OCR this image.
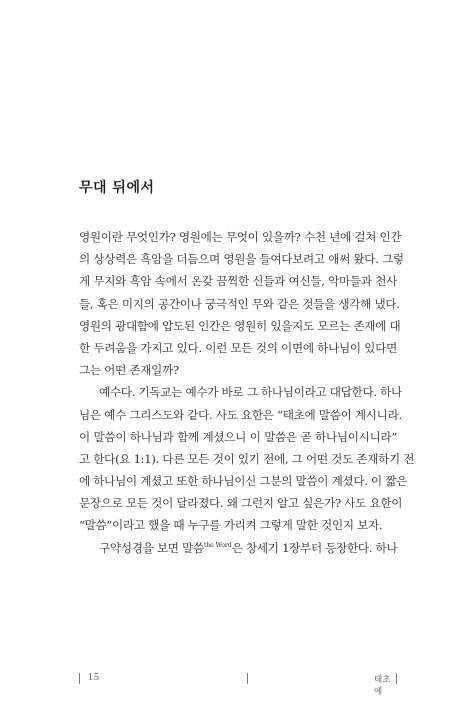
무대 뒤에서
영원이란 무엇인가? 영원에는 무엇이 있을까? 수천 년에 걸쳐 인간
의 상상력은 흑암을 더듬으며 영원을 들여다보려고 애써 왔다. 그렇
게 무지와 흑암 속에서 온갖 끔찍한 신들과 여신들, 악마들과 천사
들, 혹은 미지의 공간이나 궁극적인 무와 같은 것들을 생각해 냈다.
영원의 광대함에 압도된 인간은 영원히 있을지도 모르는 존재에 대
한 두려움을 가지고 있다. 이런 모든 것의 이면에 하나님이 있다면
그는 어떤 존재일까?
예수다. 기독교는 예수가 바로 그 하나님이라고 대답한다. 하나
님은 예수 그리스도와 같다. 사도 요한은 “태초에 말씀이 계시니라.
이 말씀이 하나님과 함께 계셨으니 이 말씀은 곧 하나님이시니라”
고 한다(요 1:1). 다른 모든 것이 있기 전에, 그 어떤 것도 존재하기 전
에 하나님이 계셨고 또한 하나님이신 그분의 말씀이 계셨다. 이 짧은
문장으로 모든 것이 달라졌다. 왜 그런지 알고 싶은가? 사도 요한이
“말씀”이라고 했을 때 누구를 가리켜 그렇게 말한 것인지 보자.
구약성경을 보면 말씀$^{the Word}$은 창세기 1장부터 등장한다. 하나
15	태초에
